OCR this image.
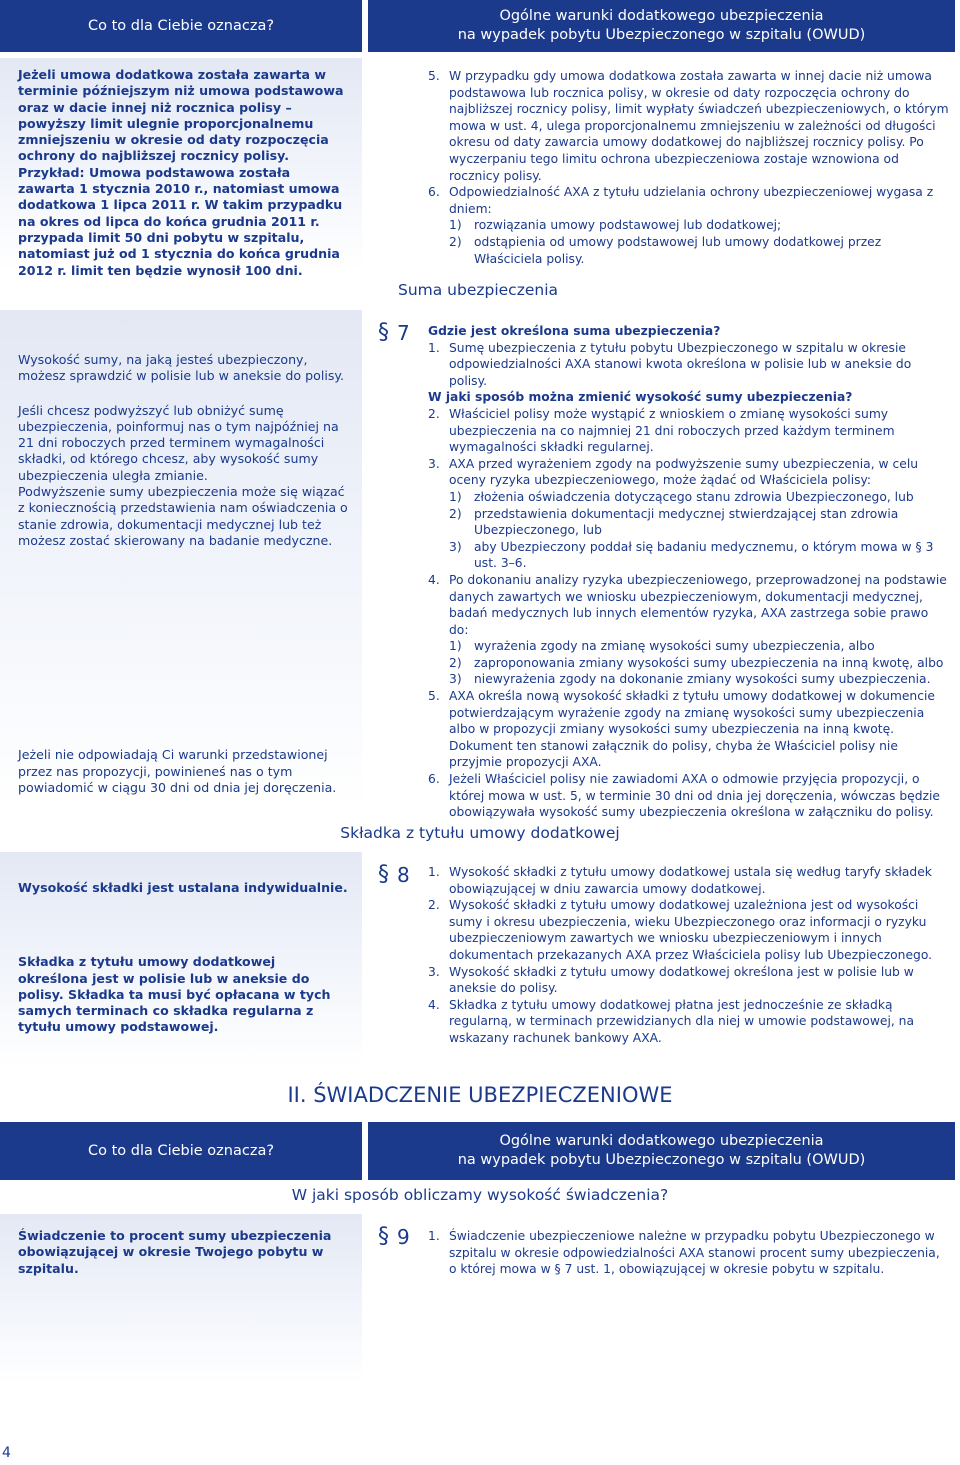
Co to dla Ciebie oznacza?
Ogólne warunki dodatkowego ubezpieczenia
na wypadek pobytu Ubezpieczonego w szpitalu (OWUD)

Jeżeli umowa dodatkowa została zawarta w terminie późniejszym niż umowa podstawowa oraz w dacie innej niż rocznica polisy – powyższy limit ulegnie proporcjonalnemu zmniejszeniu w okresie od daty rozpoczęcia ochrony do najbliższej rocznicy polisy. Przykład: Umowa podstawowa została zawarta 1 stycznia 2010 r., natomiast umowa dodatkowa 1 lipca 2011 r. W takim przypadku na okres od lipca do końca grudnia 2011 r. przypada limit 50 dni pobytu w szpitalu, natomiast już od 1 stycznia do końca grudnia 2012 r. limit ten będzie wynosił 100 dni.

5. W przypadku gdy umowa dodatkowa została zawarta w innej dacie niż umowa podstawowa lub rocznica polisy, w okresie od daty rozpoczęcia ochrony do najbliższej rocznicy polisy, limit wypłaty świadczeń ubezpieczeniowych, o którym mowa w ust. 4, ulega proporcjonalnemu zmniejszeniu w zależności od długości okresu od daty zawarcia umowy dodatkowej do najbliższej rocznicy polisy. Po wyczerpaniu tego limitu ochrona ubezpieczeniowa zostaje wznowiona od rocznicy polisy.
6. Odpowiedzialność AXA z tytułu udzielania ochrony ubezpieczeniowej wygasa z dniem:
1) rozwiązania umowy podstawowej lub dodatkowej;
2) odstąpienia od umowy podstawowej lub umowy dodatkowej przez Właściciela polisy.
Suma ubezpieczenia

Wysokość sumy, na jaką jesteś ubezpieczony, możesz sprawdzić w polisie lub w aneksie do polisy.

Jeśli chcesz podwyższyć lub obniżyć sumę ubezpieczenia, poinformuj nas o tym najpóźniej na 21 dni roboczych przed terminem wymagalności składki, od którego chcesz, aby wysokość sumy ubezpieczenia uległa zmianie.

Podwyższenie sumy ubezpieczenia może się wiązać z koniecznością przedstawienia nam oświadczenia o stanie zdrowia, dokumentacji medycznej lub też możesz zostać skierowany na badanie medyczne.

Jeżeli nie odpowiadają Ci warunki przedstawionej przez nas propozycji, powinieneś nas o tym powiadomić w ciągu 30 dni od dnia jej doręczenia.

§ 7 Gdzie jest określona suma ubezpieczenia?
1. Sumę ubezpieczenia z tytułu pobytu Ubezpieczonego w szpitalu w okresie odpowiedzialności AXA stanowi kwota określona w polisie lub w aneksie do polisy.
W jaki sposób można zmienić wysokość sumy ubezpieczenia?
2. Właściciel polisy może wystąpić z wnioskiem o zmianę wysokości sumy ubezpieczenia na co najmniej 21 dni roboczych przed każdym terminem wymagalności składki regularnej.
3. AXA przed wyrażeniem zgody na podwyższenie sumy ubezpieczenia, w celu oceny ryzyka ubezpieczeniowego, może żądać od Właściciela polisy:
1) złożenia oświadczenia dotyczącego stanu zdrowia Ubezpieczonego, lub
2) przedstawienia dokumentacji medycznej stwierdzającej stan zdrowia Ubezpieczonego, lub
3) aby Ubezpieczony poddał się badaniu medycznemu, o którym mowa w § 3 ust. 3–6.
4. Po dokonaniu analizy ryzyka ubezpieczeniowego, przeprowadzonej na podstawie danych zawartych we wniosku ubezpieczeniowym, dokumentacji medycznej, badań medycznych lub innych elementów ryzyka, AXA zastrzega sobie prawo do:
1) wyrażenia zgody na zmianę wysokości sumy ubezpieczenia, albo
2) zaproponowania zmiany wysokości sumy ubezpieczenia na inną kwotę, albo
3) niewyrażenia zgody na dokonanie zmiany wysokości sumy ubezpieczenia.
5. AXA określa nową wysokość składki z tytułu umowy dodatkowej w dokumencie potwierdzającym wyrażenie zgody na zmianę wysokości sumy ubezpieczenia albo w propozycji zmiany wysokości sumy ubezpieczenia na inną kwotę. Dokument ten stanowi załącznik do polisy, chyba że Właściciel polisy nie przyjmie propozycji AXA.
6. Jeżeli Właściciel polisy nie zawiadomi AXA o odmowie przyjęcia propozycji, o której mowa w ust. 5, w terminie 30 dni od dnia jej doręczenia, wówczas będzie obowiązywała wysokość sumy ubezpieczenia określona w załączniku do polisy.
Składka z tytułu umowy dodatkowej

Wysokość składki jest ustalana indywidualnie.

Składka z tytułu umowy dodatkowej określona jest w polisie lub w aneksie do polisy. Składka ta musi być opłacana w tych samych terminach co składka regularna z tytułu umowy podstawowej.

§ 8 1. Wysokość składki z tytułu umowy dodatkowej ustala się według taryfy składek obowiązującej w dniu zawarcia umowy dodatkowej.
2. Wysokość składki z tytułu umowy dodatkowej uzależniona jest od wysokości sumy i okresu ubezpieczenia, wieku Ubezpieczonego oraz informacji o ryzyku ubezpieczeniowym zawartych we wniosku ubezpieczeniowym i innych dokumentach przekazanych AXA przez Właściciela polisy lub Ubezpieczonego.
3. Wysokość składki z tytułu umowy dodatkowej określona jest w polisie lub w aneksie do polisy.
4. Składka z tytułu umowy dodatkowej płatna jest jednocześnie ze składką regularną, w terminach przewidzianych dla niej w umowie podstawowej, na wskazany rachunek bankowy AXA.
II. ŚWIADCZENIE UBEZPIECZENIOWE
Co to dla Ciebie oznacza?
Ogólne warunki dodatkowego ubezpieczenia
na wypadek pobytu Ubezpieczonego w szpitalu (OWUD)
W jaki sposób obliczamy wysokość świadczenia?

Świadczenie to procent sumy ubezpieczenia obowiązującej w okresie Twojego pobytu w szpitalu.

§ 9 1. Świadczenie ubezpieczeniowe należne w przypadku pobytu Ubezpieczonego w szpitalu w okresie odpowiedzialności AXA stanowi procent sumy ubezpieczenia, o której mowa w § 7 ust. 1, obowiązującej w okresie pobytu w szpitalu.
4
